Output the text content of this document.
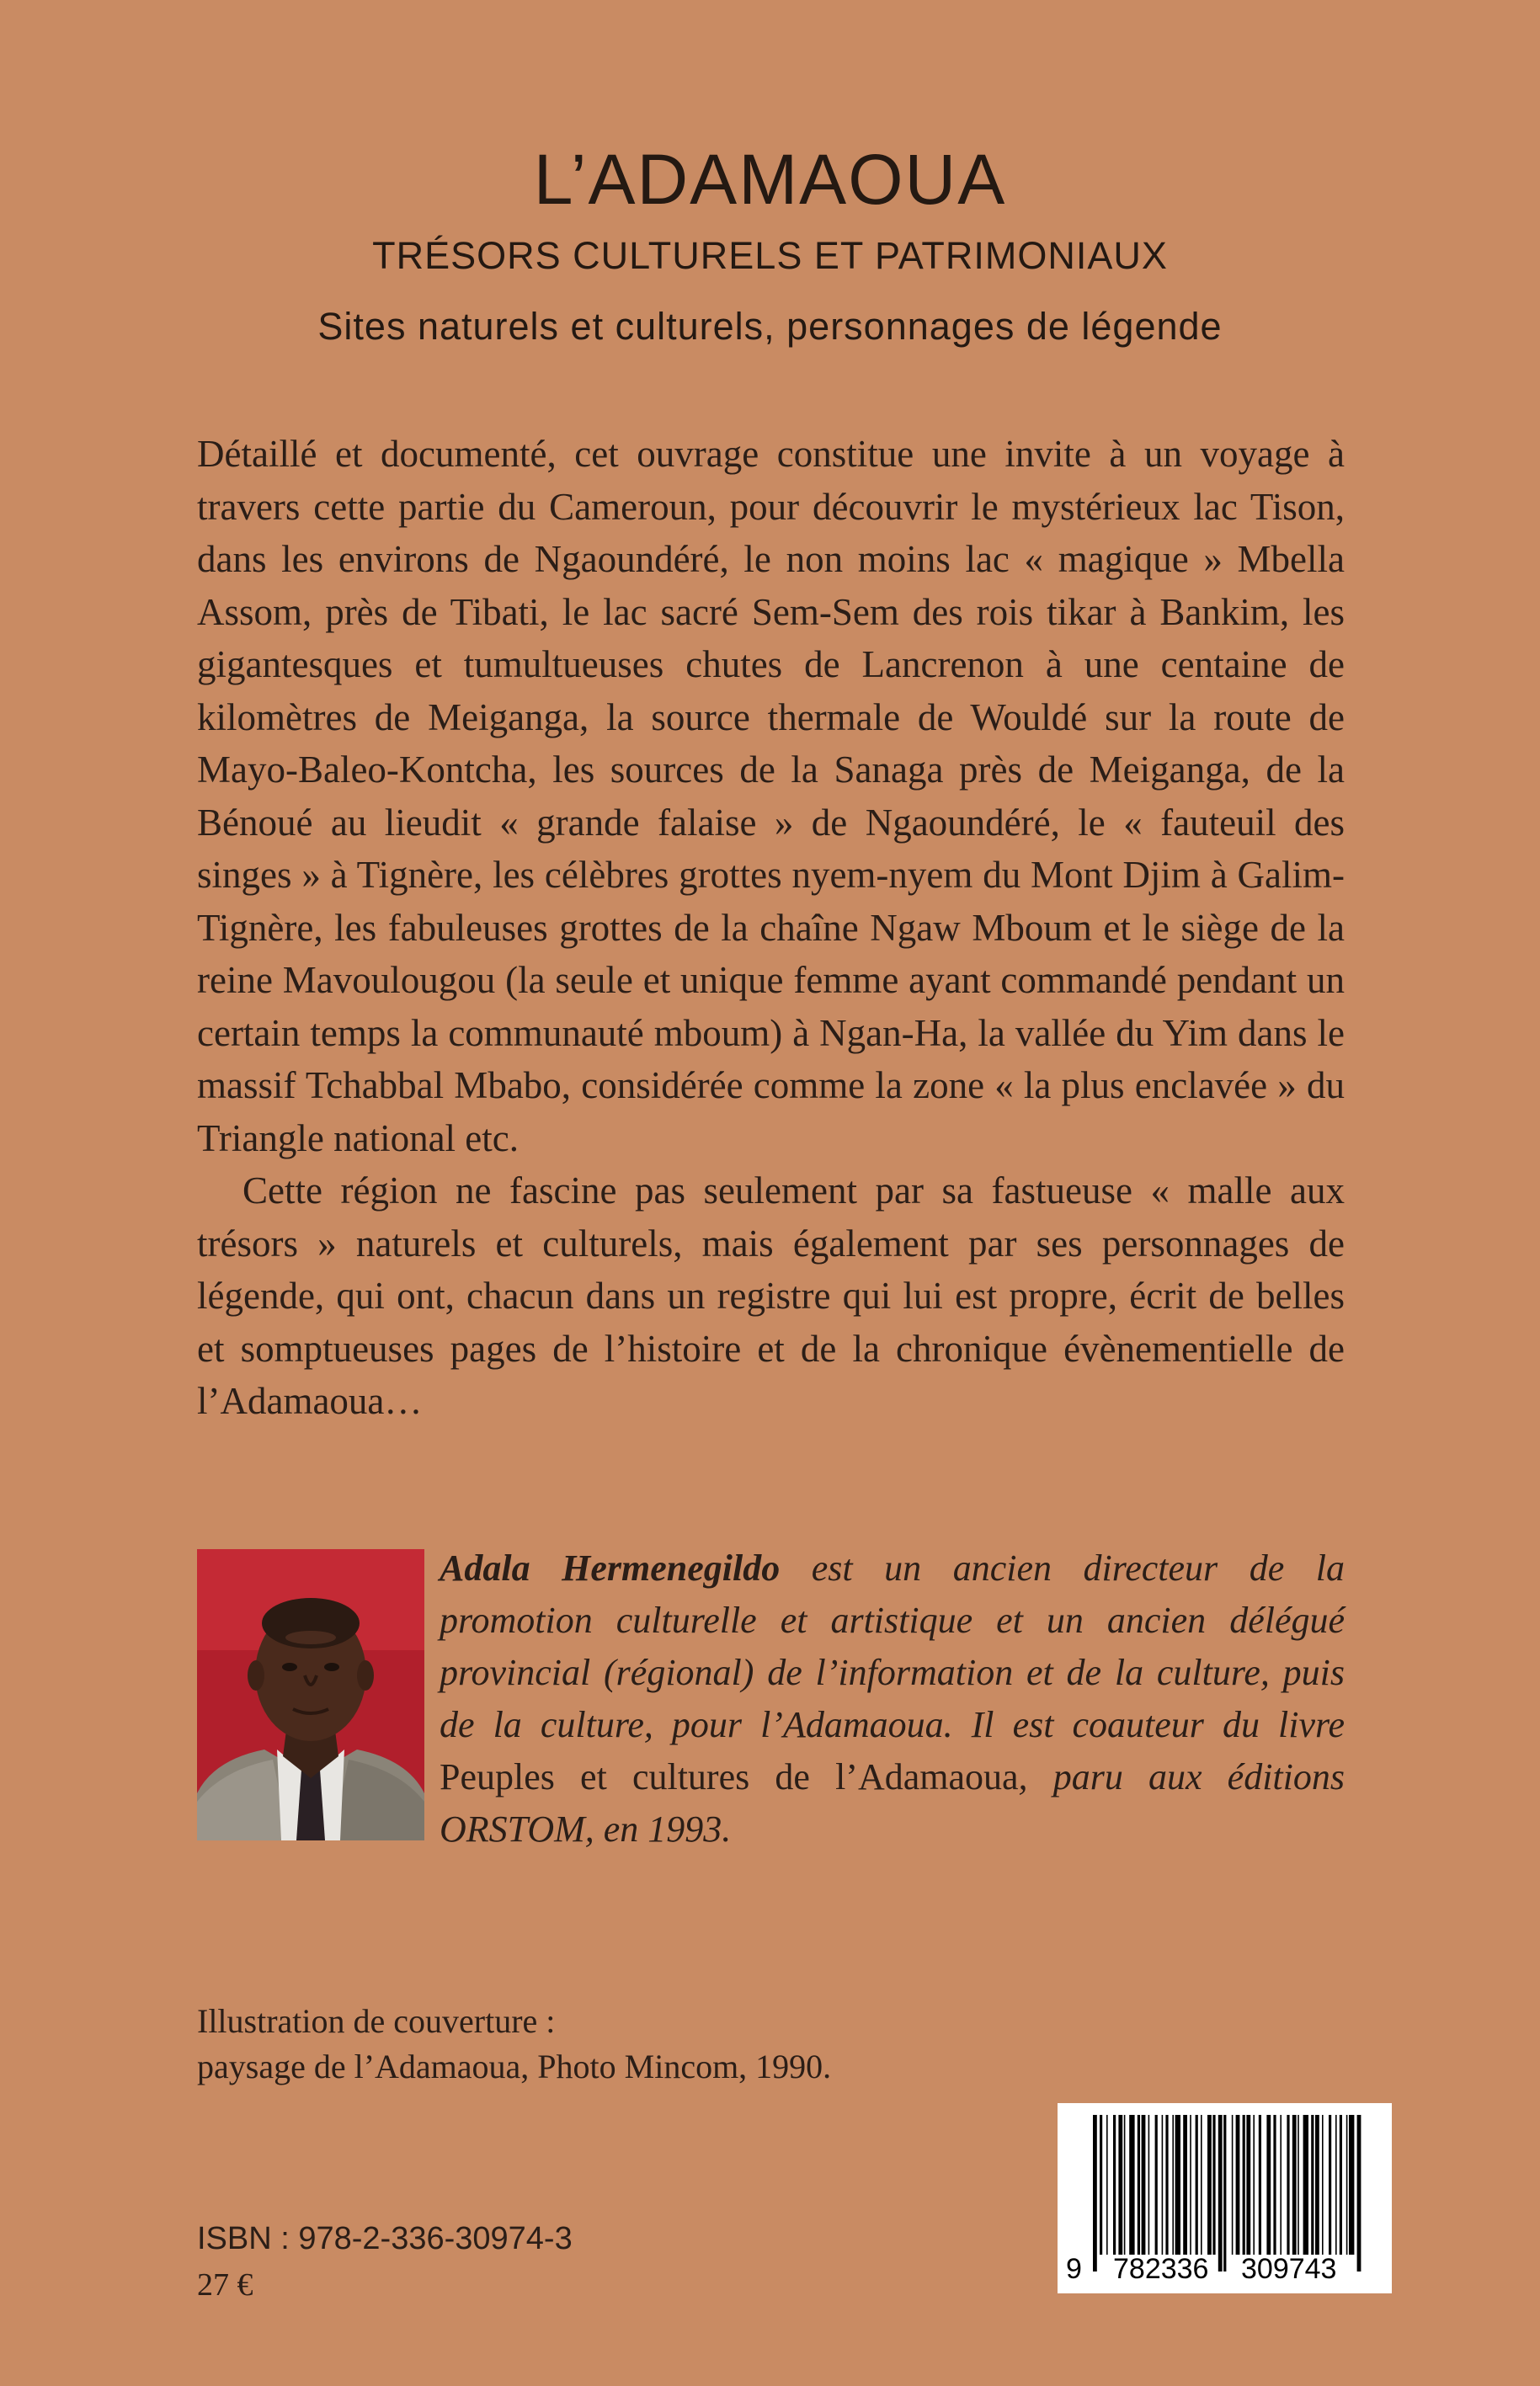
L’ADAMAOUA
TRÉSORS CULTURELS ET PATRIMONIAUX
Sites naturels et culturels, personnages de légende

Détaillé et documenté, cet ouvrage constitue une invite à un voyage à travers cette partie du Cameroun, pour découvrir le mystérieux lac Tison, dans les environs de Ngaoundéré, le non moins lac « magique » Mbella Assom, près de Tibati, le lac sacré Sem-Sem des rois tikar à Bankim, les gigantesques et tumultueuses chutes de Lancrenon à une centaine de kilomètres de Meiganga, la source thermale de Wouldé sur la route de Mayo-Baleo-Kontcha, les sources de la Sanaga près de Meiganga, de la Bénoué au lieudit « grande falaise » de Ngaoundéré, le « fauteuil des singes » à Tignère, les célèbres grottes nyem-nyem du Mont Djim à Galim-Tignère, les fabuleuses grottes de la chaîne Ngaw Mboum et le siège de la reine Mavoulougou (la seule et unique femme ayant commandé pendant un certain temps la communauté mboum) à Ngan-Ha, la vallée du Yim dans le massif Tchabbal Mbabo, considérée comme la zone « la plus enclavée » du Triangle national etc.

Cette région ne fascine pas seulement par sa fastueuse « malle aux trésors » naturels et culturels, mais également par ses personnages de légende, qui ont, chacun dans un registre qui lui est propre, écrit de belles et somptueuses pages de l’histoire et de la chronique évènementielle de l’Adamaoua…

Adala Hermenegildo est un ancien directeur de la promotion culturelle et artistique et un ancien délégué provincial (régional) de l’information et de la culture, puis de la culture, pour l’Adamaoua. Il est coauteur du livre Peuples et cultures de l’Adamaoua, paru aux éditions ORSTOM, en 1993.
Illustration de couverture :
paysage de l’Adamaoua, Photo Mincom, 1990.
ISBN : 978-2-336-30974-3
27 €	9 782336 309743
